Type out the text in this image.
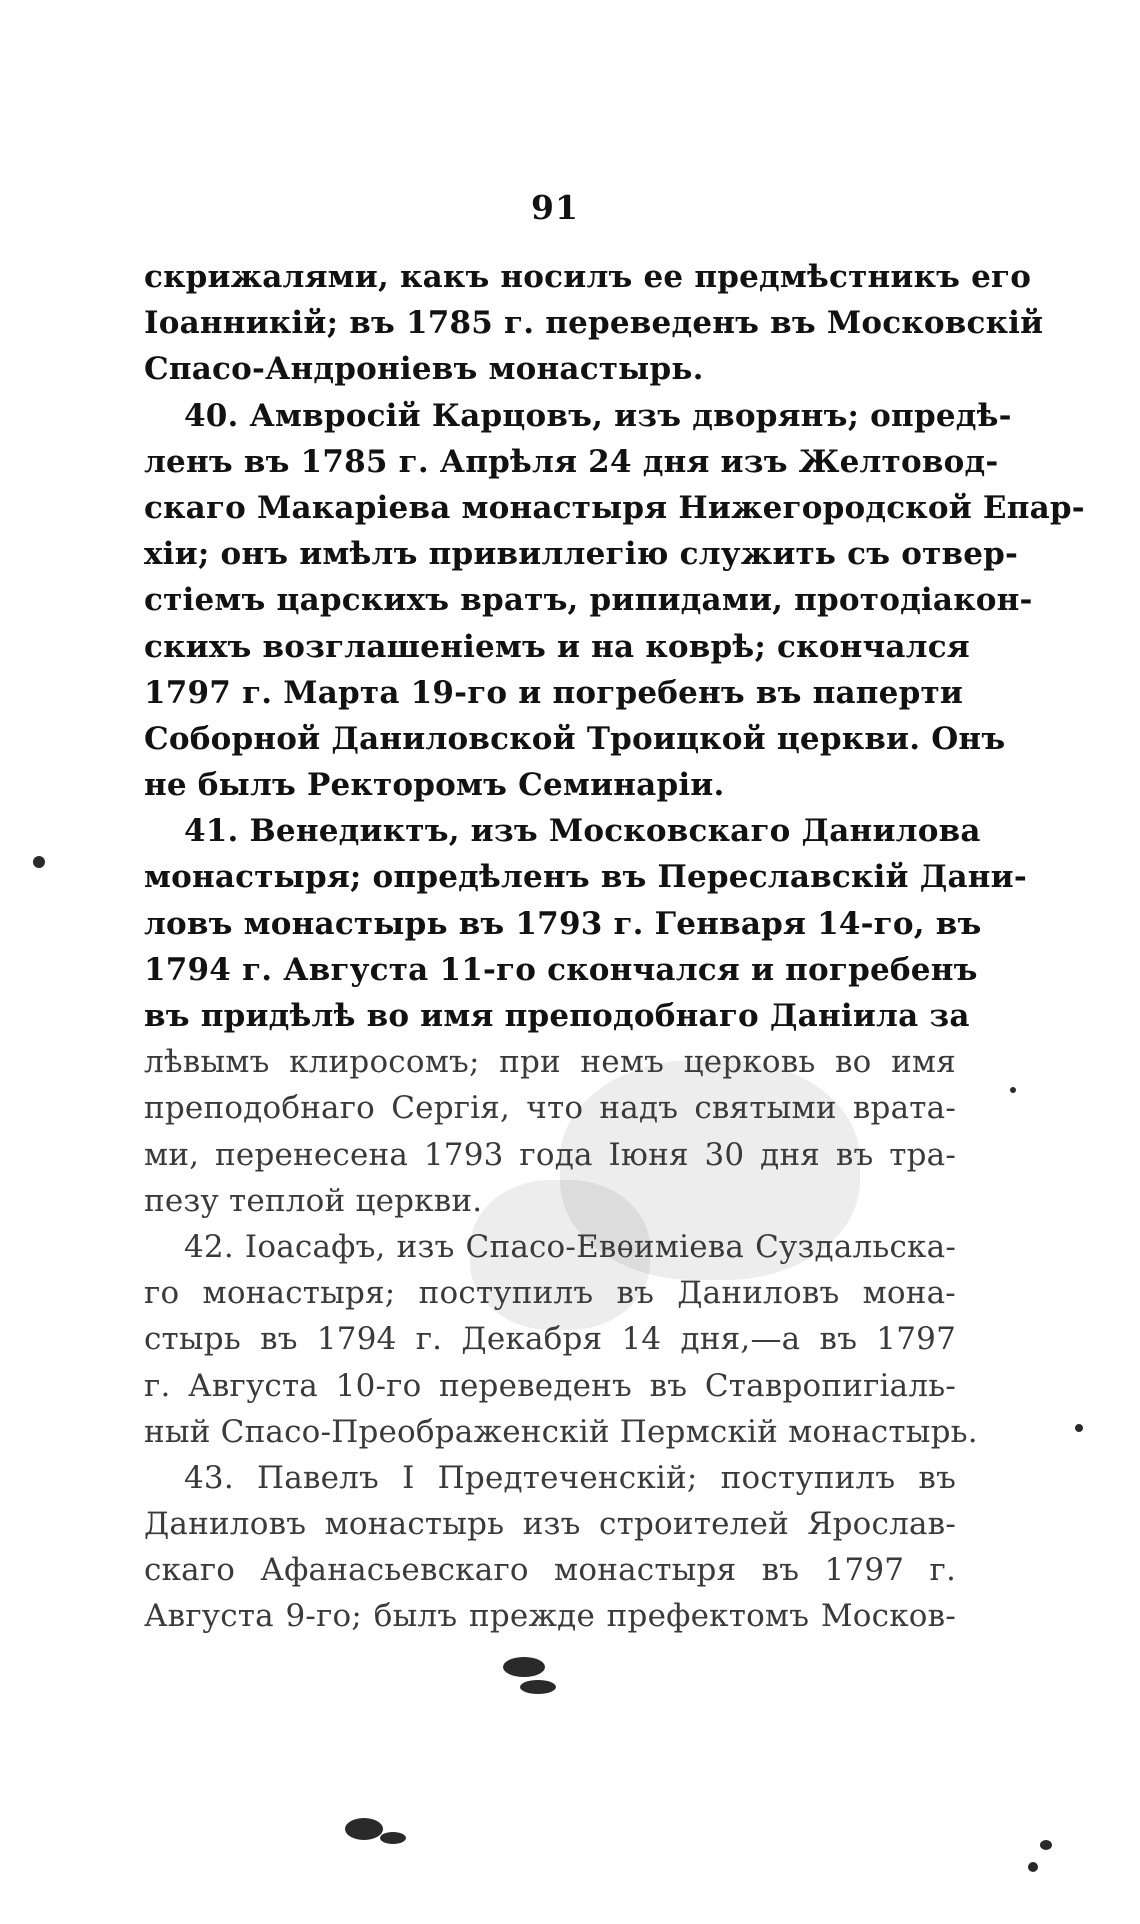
91
скрижалями, какъ носилъ ее предмѣстникъ его
Іоанникій; въ 1785 г. переведенъ въ Московскій
Спасо-Андроніевъ монастырь.
40. Амвросій Карцовъ, изъ дворянъ; опредѣ-
ленъ въ 1785 г. Апрѣля 24 дня изъ Желтовод-
скаго Макаріева монастыря Нижегородской Епар-
хіи; онъ имѣлъ привиллегію служить съ отвер-
стіемъ царскихъ вратъ, рипидами, протодіакон-
скихъ возглашеніемъ и на коврѣ; скончался
1797 г. Марта 19-го и погребенъ въ паперти
Соборной Даниловской Троицкой церкви. Онъ
не былъ Ректоромъ Семинаріи.
41. Венедиктъ, изъ Московскаго Данилова
монастыря; опредѣленъ въ Переславскій Дани-
ловъ монастырь въ 1793 г. Генваря 14-го, въ
1794 г. Августа 11-го скончался и погребенъ
въ придѣлѣ во имя преподобнаго Даніила за
лѣвымъ клиросомъ; при немъ церковь во имя
преподобнаго Сергія, что надъ святыми врата-
ми, перенесена 1793 года Іюня 30 дня въ тра-
пезу теплой церкви.
42. Іоасафъ, изъ Спасо-Евѳиміева Суздальска-
го монастыря; поступилъ въ Даниловъ мона-
стырь въ 1794 г. Декабря 14 дня,—а въ 1797
г. Августа 10-го переведенъ въ Ставропигіаль-
ный Спасо-Преображенскій Пермскій монастырь.
43. Павелъ I Предтеченскій; поступилъ въ
Даниловъ монастырь изъ строителей Ярослав-
скаго Афанасьевскаго монастыря въ 1797 г.
Августа 9-го; былъ прежде префектомъ Москов-
